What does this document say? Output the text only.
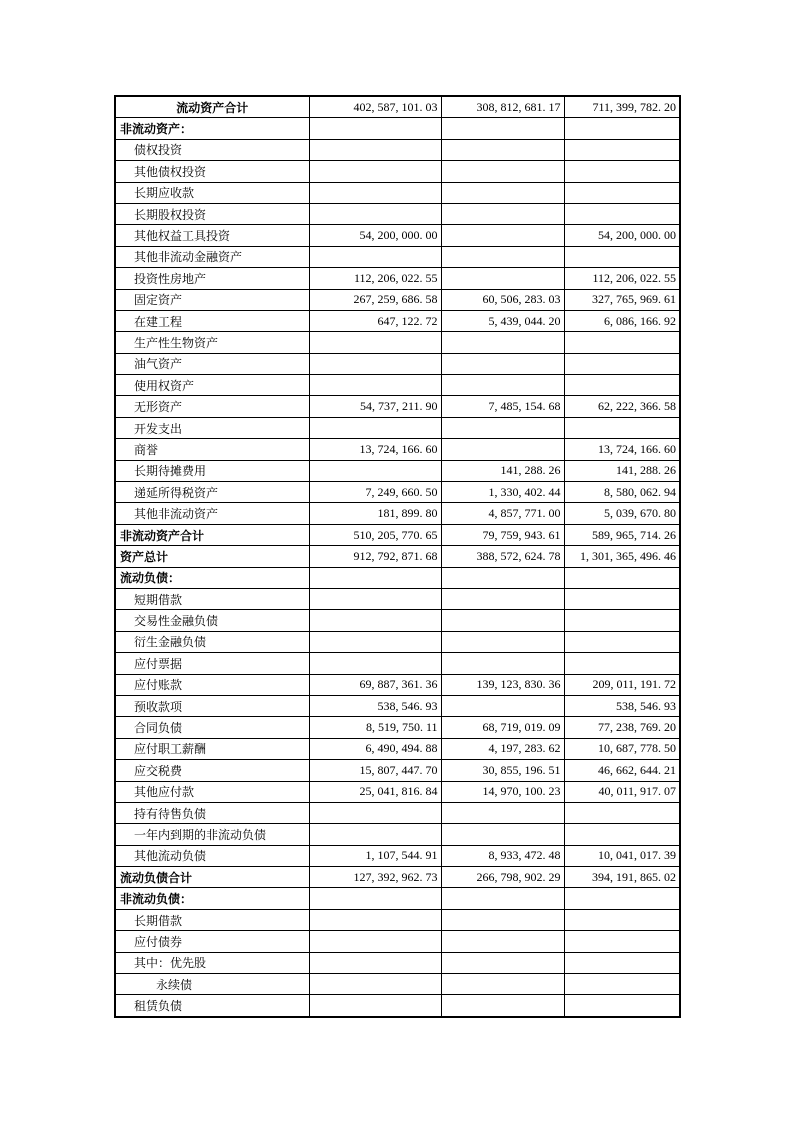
流动资产合计	402, 587, 101. 03	308, 812, 681. 17	711, 399, 782. 20
非流动资产：			
债权投资			
其他债权投资			
长期应收款			
长期股权投资			
其他权益工具投资	54, 200, 000. 00		54, 200, 000. 00
其他非流动金融资产			
投资性房地产	112, 206, 022. 55		112, 206, 022. 55
固定资产	267, 259, 686. 58	60, 506, 283. 03	327, 765, 969. 61
在建工程	647, 122. 72	5, 439, 044. 20	6, 086, 166. 92
生产性生物资产			
油气资产			
使用权资产			
无形资产	54, 737, 211. 90	7, 485, 154. 68	62, 222, 366. 58
开发支出			
商誉	13, 724, 166. 60		13, 724, 166. 60
长期待摊费用		141, 288. 26	141, 288. 26
递延所得税资产	7, 249, 660. 50	1, 330, 402. 44	8, 580, 062. 94
其他非流动资产	181, 899. 80	4, 857, 771. 00	5, 039, 670. 80
非流动资产合计	510, 205, 770. 65	79, 759, 943. 61	589, 965, 714. 26
资产总计	912, 792, 871. 68	388, 572, 624. 78	1, 301, 365, 496. 46
流动负债：			
短期借款			
交易性金融负债			
衍生金融负债			
应付票据			
应付账款	69, 887, 361. 36	139, 123, 830. 36	209, 011, 191. 72
预收款项	538, 546. 93		538, 546. 93
合同负债	8, 519, 750. 11	68, 719, 019. 09	77, 238, 769. 20
应付职工薪酬	6, 490, 494. 88	4, 197, 283. 62	10, 687, 778. 50
应交税费	15, 807, 447. 70	30, 855, 196. 51	46, 662, 644. 21
其他应付款	25, 041, 816. 84	14, 970, 100. 23	40, 011, 917. 07
持有待售负债			
一年内到期的非流动负债			
其他流动负债	1, 107, 544. 91	8, 933, 472. 48	10, 041, 017. 39
流动负债合计	127, 392, 962. 73	266, 798, 902. 29	394, 191, 865. 02
非流动负债：			
长期借款			
应付债券			
其中：优先股			
永续债			
租赁负债			
